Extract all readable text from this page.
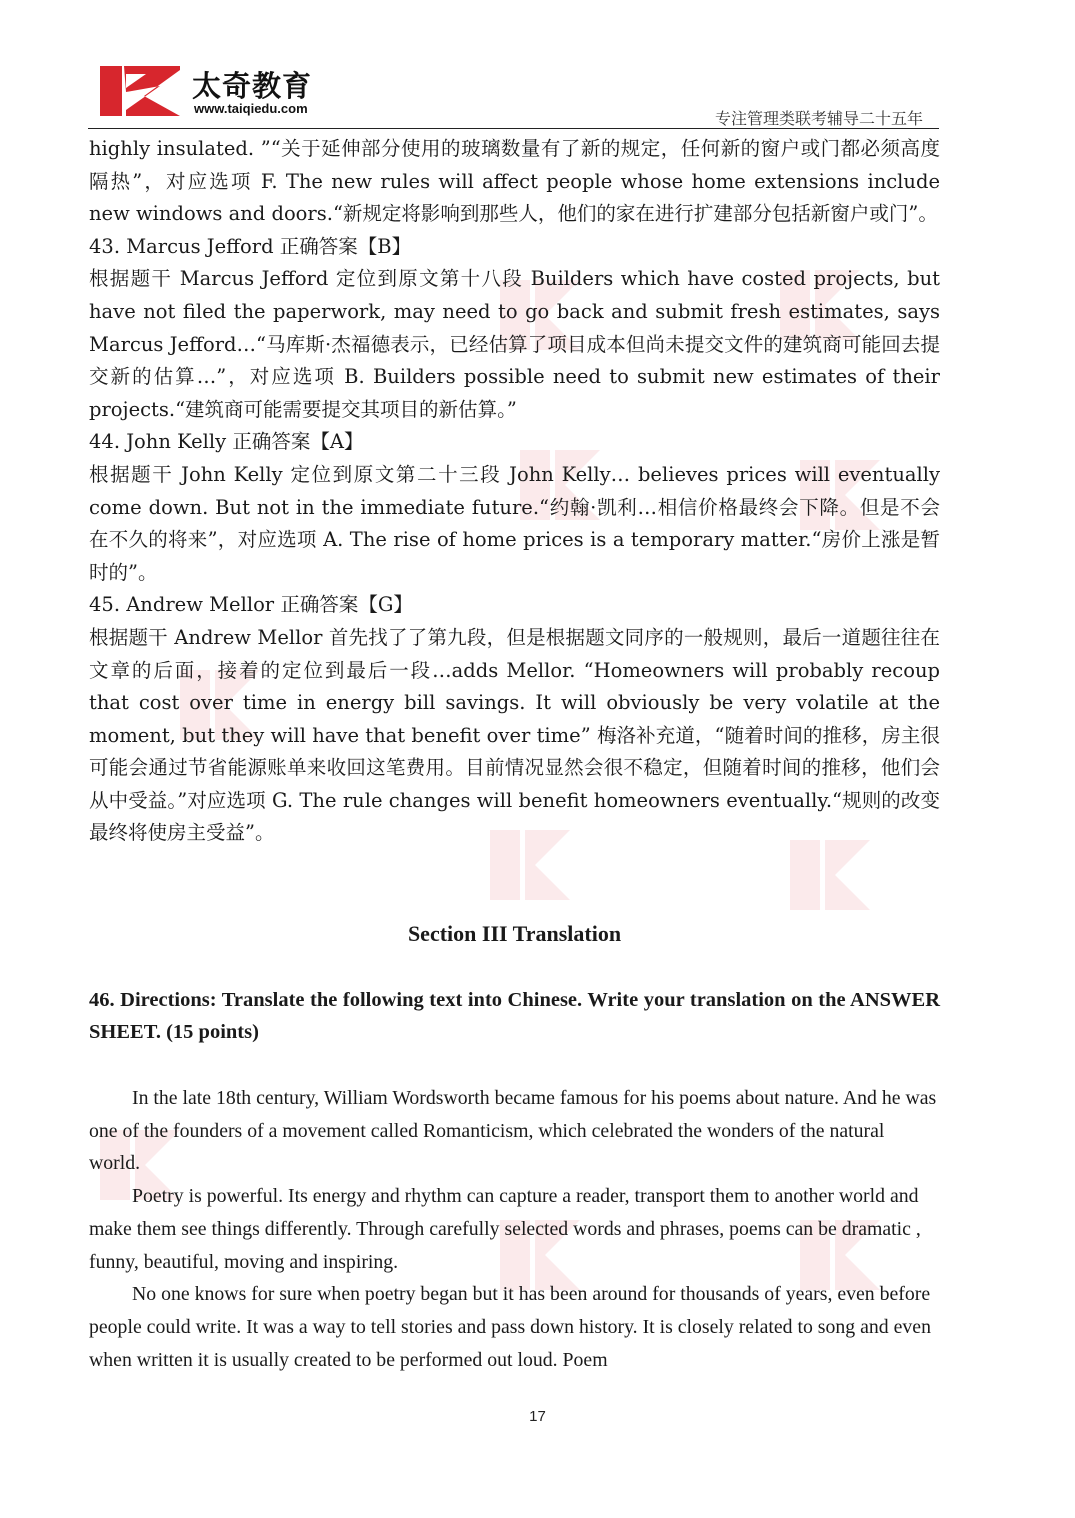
太奇教育
www.taiqiedu.com
专注管理类联考辅导二十五年

highly insulated. ”“关于延伸部分使用的玻璃数量有了新的规定，任何新的窗户或门都必须高度隔热”，对应选项 F. The new rules will affect people whose home extensions include new windows and doors.“新规定将影响到那些人，他们的家在进行扩建部分包括新窗户或门”。

43. Marcus Jefford 正确答案【B】

根据题干 Marcus Jefford 定位到原文第十八段 Builders which have costed projects, but have not filed the paperwork, may need to go back and submit fresh estimates, says Marcus Jefford…“马库斯·杰福德表示，已经估算了项目成本但尚未提交文件的建筑商可能回去提交新的估算…”，对应选项 B. Builders possible need to submit new estimates of their projects.“建筑商可能需要提交其项目的新估算。”

44. John Kelly 正确答案【A】

根据题干 John Kelly 定位到原文第二十三段 John Kelly… believes prices will eventually come down. But not in the immediate future.“约翰·凯利…相信价格最终会下降。但是不会在不久的将来”，对应选项 A. The rise of home prices is a temporary matter.“房价上涨是暂时的”。

45. Andrew Mellor 正确答案【G】

根据题干 Andrew Mellor 首先找了了第九段，但是根据题文同序的一般规则，最后一道题往往在文章的后面，接着的定位到最后一段…adds Mellor. “Homeowners will probably recoup that cost over time in energy bill savings. It will obviously be very volatile at the moment, but they will have that benefit over time” 梅洛补充道，“随着时间的推移，房主很可能会通过节省能源账单来收回这笔费用。目前情况显然会很不稳定，但随着时间的推移，他们会从中受益。”对应选项 G. The rule changes will benefit homeowners eventually.“规则的改变最终将使房主受益”。

Section III Translation

46. Directions: Translate the following text into Chinese. Write your translation on the ANSWER SHEET. (15 points)

In the late 18th century, William Wordsworth became famous for his poems about nature. And he was one of the founders of a movement called Romanticism, which celebrated the wonders of the natural world.

Poetry is powerful. Its energy and rhythm can capture a reader, transport them to another world and make them see things differently. Through carefully selected words and phrases, poems can be dramatic , funny, beautiful, moving and inspiring.

No one knows for sure when poetry began but it has been around for thousands of years, even before people could write. It was a way to tell stories and pass down history. It is closely related to song and even when written it is usually created to be performed out loud. Poem

17
